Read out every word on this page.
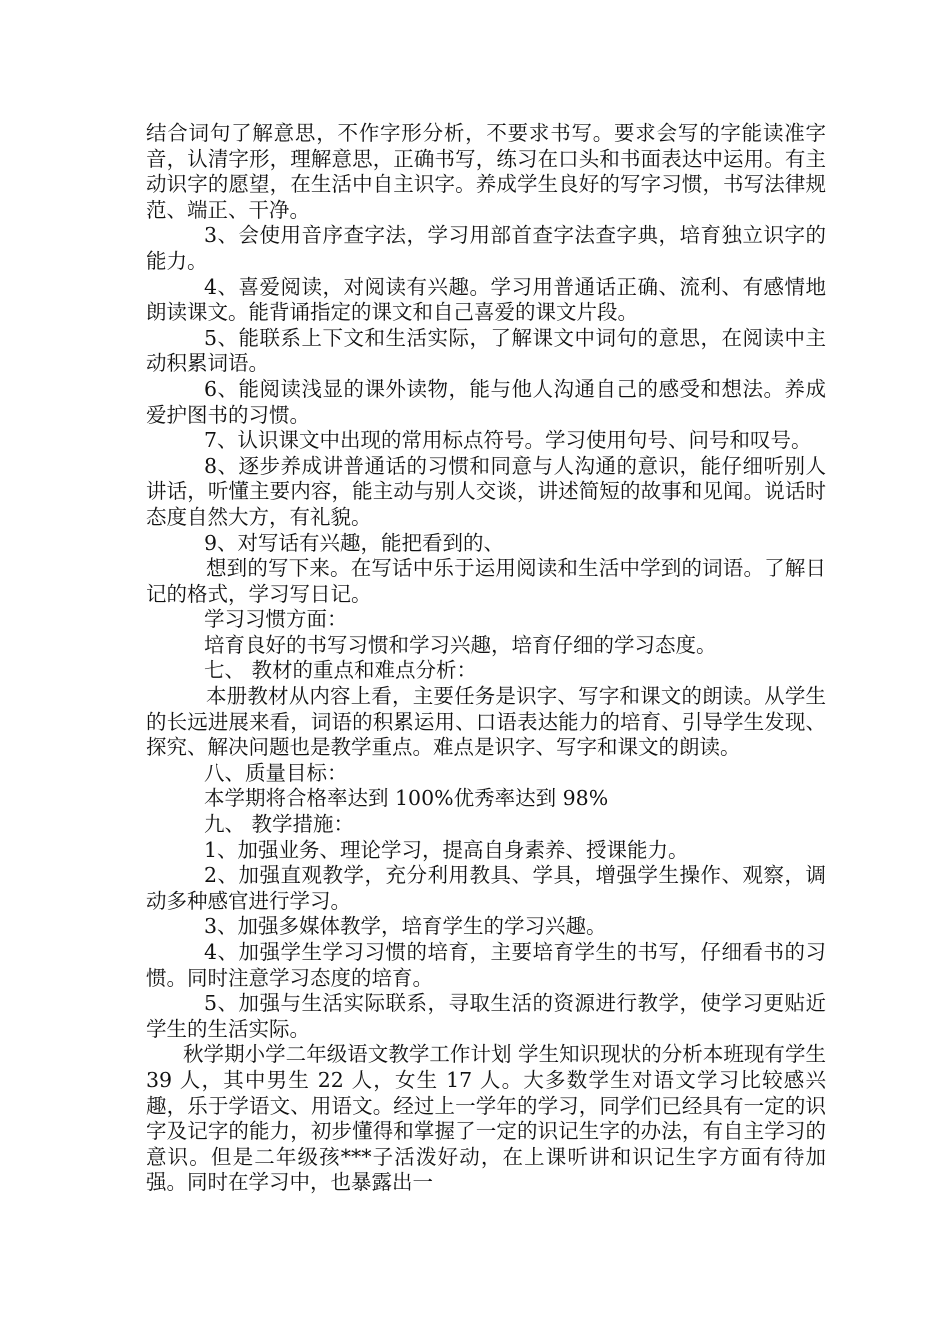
结合词句了解意思，不作字形分析，不要求书写。要求会写的字能读准字音，认清字形，理解意思，正确书写，练习在口头和书面表达中运用。有主动识字的愿望，在生活中自主识字。养成学生良好的写字习惯，书写法律规范、端正、干净。

3、会使用音序查字法，学习用部首查字法查字典，培育独立识字的能力。

4、喜爱阅读，对阅读有兴趣。学习用普通话正确、流利、有感情地朗读课文。能背诵指定的课文和自己喜爱的课文片段。

5、能联系上下文和生活实际，了解课文中词句的意思，在阅读中主动积累词语。

6、能阅读浅显的课外读物，能与他人沟通自己的感受和想法。养成爱护图书的习惯。

7、认识课文中出现的常用标点符号。学习使用句号、问号和叹号。

8、逐步养成讲普通话的习惯和同意与人沟通的意识，能仔细听别人讲话，听懂主要内容，能主动与别人交谈，讲述简短的故事和见闻。说话时态度自然大方，有礼貌。

9、对写话有兴趣，能把看到的、

想到的写下来。在写话中乐于运用阅读和生活中学到的词语。了解日记的格式，学习写日记。

学习习惯方面：

培育良好的书写习惯和学习兴趣，培育仔细的学习态度。

七、 教材的重点和难点分析：

本册教材从内容上看，主要任务是识字、写字和课文的朗读。从学生的长远进展来看，词语的积累运用、口语表达能力的培育、引导学生发现、探究、解决问题也是教学重点。难点是识字、写字和课文的朗读。

八、质量目标：

本学期将合格率达到 100%优秀率达到 98%

九、 教学措施：

1、加强业务、理论学习，提高自身素养、授课能力。

2、加强直观教学，充分利用教具、学具，增强学生操作、观察，调动多种感官进行学习。

3、加强多媒体教学，培育学生的学习兴趣。

4、加强学生学习习惯的培育，主要培育学生的书写，仔细看书的习惯。同时注意学习态度的培育。

5、加强与生活实际联系，寻取生活的资源进行教学，使学习更贴近学生的生活实际。

秋学期小学二年级语文教学工作计划 学生知识现状的分析本班现有学生 39 人，其中男生 22 人，女生 17 人。大多数学生对语文学习比较感兴趣，乐于学语文、用语文。经过上一学年的学习，同学们已经具有一定的识字及记字的能力，初步懂得和掌握了一定的识记生字的办法，有自主学习的意识。但是二年级孩***子活泼好动，在上课听讲和识记生字方面有待加强。同时在学习中，也暴露出一
